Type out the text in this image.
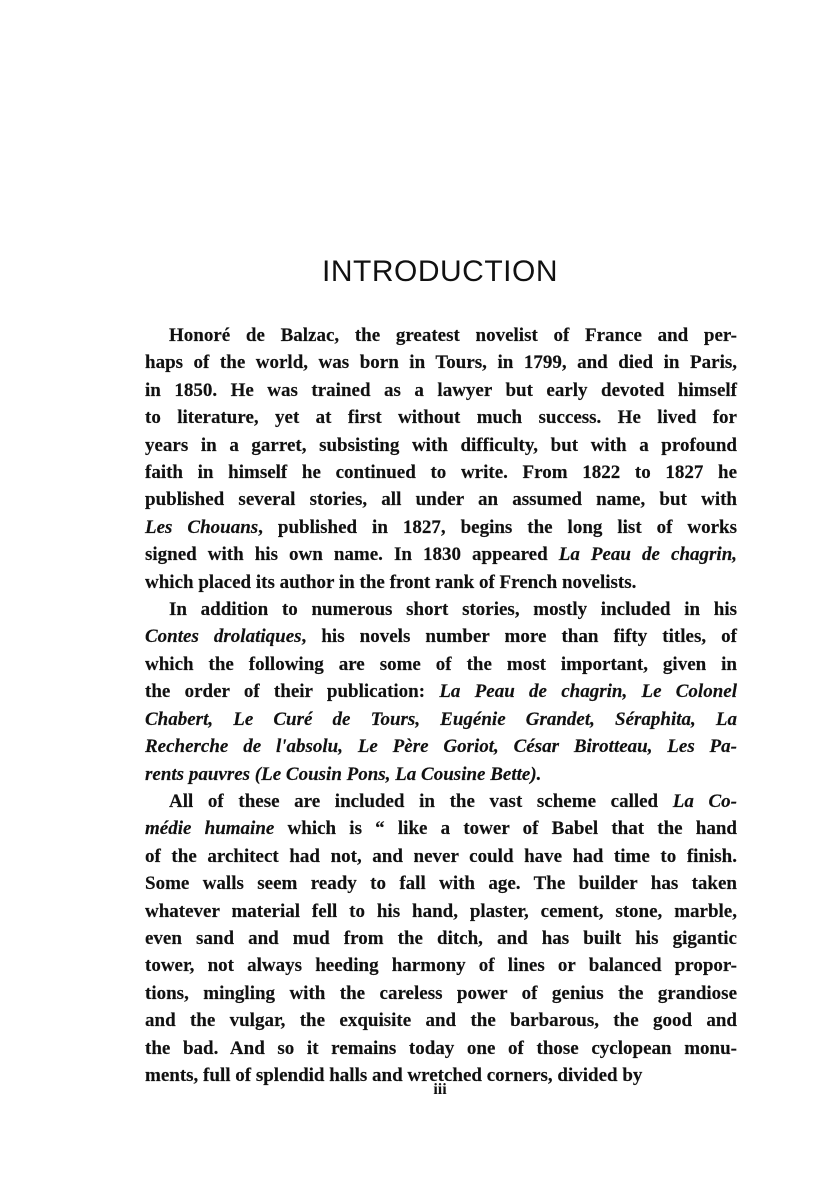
INTRODUCTION

Honoré de Balzac, the greatest novelist of France and per-
haps of the world, was born in Tours, in 1799, and died in Paris,
in 1850. He was trained as a lawyer but early devoted himself
to literature, yet at first without much success. He lived for
years in a garret, subsisting with difficulty, but with a profound
faith in himself he continued to write. From 1822 to 1827 he
published several stories, all under an assumed name, but with
Les Chouans, published in 1827, begins the long list of works
signed with his own name. In 1830 appeared La Peau de chagrin,
which placed its author in the front rank of French novelists.

In addition to numerous short stories, mostly included in his
Contes drolatiques, his novels number more than fifty titles, of
which the following are some of the most important, given in
the order of their publication: La Peau de chagrin, Le Colonel
Chabert, Le Curé de Tours, Eugénie Grandet, Séraphita, La
Recherche de l'absolu, Le Père Goriot, César Birotteau, Les Pa-
rents pauvres (Le Cousin Pons, La Cousine Bette).

All of these are included in the vast scheme called La Co-
médie humaine which is “ like a tower of Babel that the hand
of the architect had not, and never could have had time to finish.
Some walls seem ready to fall with age. The builder has taken
whatever material fell to his hand, plaster, cement, stone, marble,
even sand and mud from the ditch, and has built his gigantic
tower, not always heeding harmony of lines or balanced propor-
tions, mingling with the careless power of genius the grandiose
and the vulgar, the exquisite and the barbarous, the good and
the bad. And so it remains today one of those cyclopean monu-
ments, full of splendid halls and wretched corners, divided by

iii
